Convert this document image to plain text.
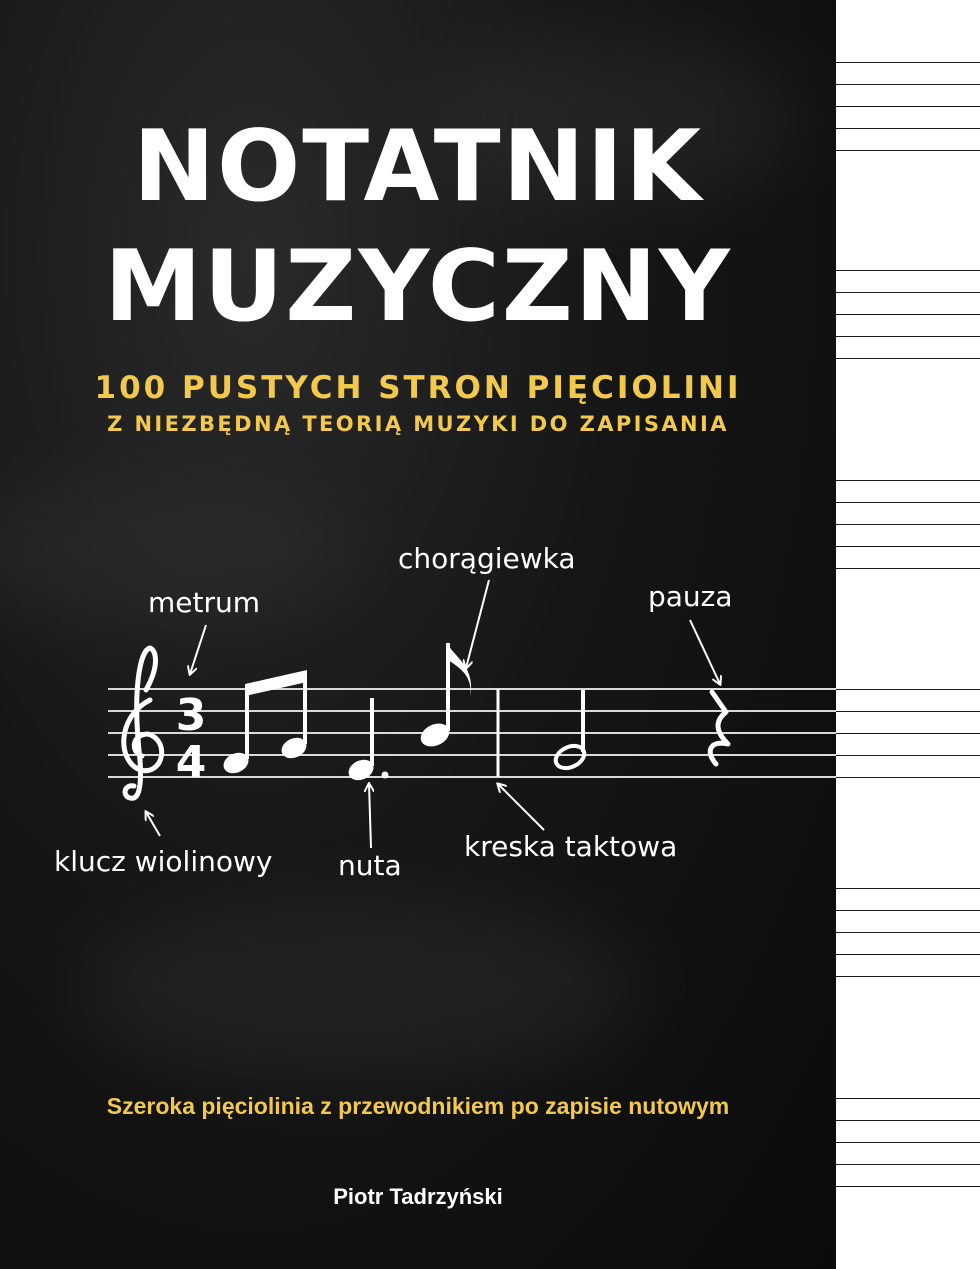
NOTATNIK
MUZYCZNY
100 PUSTYCH STRON PIĘCIOLINI
Z NIEZBĘDNĄ TEORIĄ MUZYKI DO ZAPISANIA
3
4
metrum
chorągiewka
pauza
klucz wiolinowy nuta
kreska taktowa
Szeroka pięciolinia z przewodnikiem po zapisie nutowym
Piotr Tadrzyński
